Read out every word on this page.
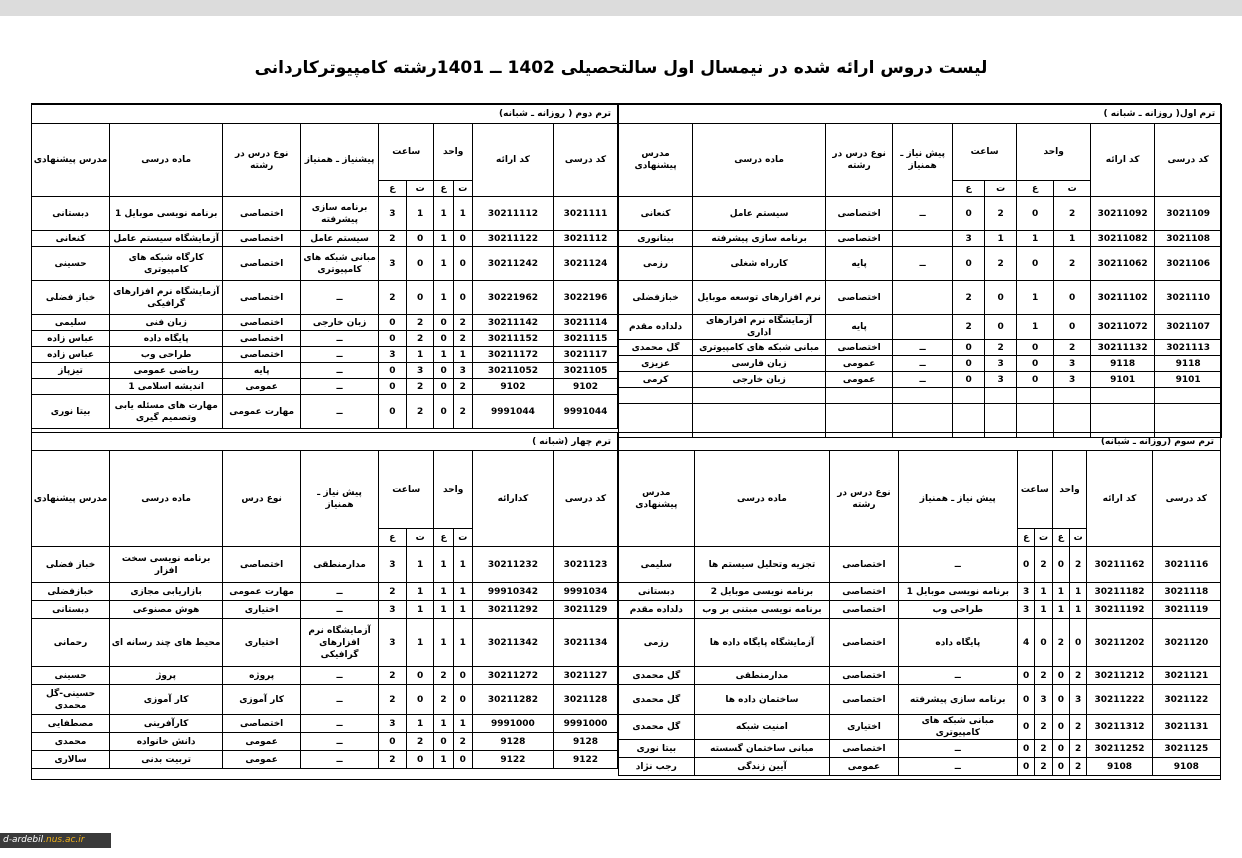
لیست دروس ارائه شده در نیمسال اول سالتحصیلی 1402 ــ 1401رشته کامپیوترکاردانی
ترم اول( روزانه ـ شبانه )									
کد درسی	کد ارائه	واحد		ساعت		پیش نیاز ـ همنیاز	نوع درس در رشته	ماده درسی	مدرس پیشنهادی
		ت	ع	ت	ع				
3021109	30211092	2	0	2	0	ــ	اختصاصی	سیستم عامل	کنعانی
3021108	30211082	1	1	1	3		اختصاصی	برنامه سازی پیشرفته	بیتانوری
3021106	30211062	2	0	2	0	ــ	پایه	کارراه شغلی	رزمی
3021110	30211102	0	1	0	2		اختصاصی	نرم افزارهای توسعه موبایل	خبازفضلی
3021107	30211072	0	1	0	2		پایه	آزمایشگاه نرم افزارهای اداری	دلداده مقدم
3021113	30211132	2	0	2	0	ــ	اختصاصی	مبانی شبکه های کامپیوتری	گل محمدی
9118	9118	3	0	3	0	ــ	عمومی	زبان فارسی	عزیزی
9101	9101	3	0	3	0	ــ	عمومی	زبان خارجی	کرمی

ترم دوم ( روزانه ـ شبانه)									
کد درسی	کد ارائه	واحد		ساعت		پیشنیاز ـ همنیاز	نوع درس در رشته	ماده درسی	مدرس پیشنهادی
		ت	ع	ت	ع				
3021111	30211112	1	1	1	3	برنامه سازی پیشرفته	اختصاصی	برنامه نویسی موبایل 1	دبستانی
3021112	30211122	0	1	0	2	سیستم عامل	اختصاصی	آزمایشگاه سیستم عامل	کنعانی
3021124	30211242	0	1	0	3	مبانی شبکه های کامپیوتری	اختصاصی	کارگاه شبکه های کامپیوتری	حسینی
3022196	30221962	0	1	0	2	ــ	اختصاصی	آزمایشگاه نرم افزارهای گرافیکی	خباز فضلی
3021114	30211142	2	0	2	0	زبان خارجی	اختصاصی	زبان فنی	سلیمی
3021115	30211152	2	0	2	0	ــ	اختصاصی	پایگاه داده	عباس زاده
3021117	30211172	1	1	1	3	ــ	اختصاصی	طراحی وب	عباس زاده
3021105	30211052	3	0	3	0	ــ	پایه	ریاضی عمومی	تیزپاز
9102	9102	2	0	2	0	ــ	عمومی	اندیشه اسلامی 1	
9991044	9991044	2	0	2	0	ــ	مهارت عمومی	مهارت های مسئله یابی وتصمیم گیری	بیتا نوری
ترم سوم (روزانه ـ شبانه)									
کد درسی	کد ارائه	واحد		ساعت		پیش نیاز ـ همنیاز	نوع درس در رشته	ماده درسی	مدرس پیشنهادی
		ت	ع	ت	ع				
3021116	30211162	2	0	2	0	ــ	اختصاصی	تجزیه وتحلیل سیستم ها	سلیمی
3021118	30211182	1	1	1	3	برنامه نویسی موبایل 1	اختصاصی	برنامه نویسی موبایل 2	دبستانی
3021119	30211192	1	1	1	3	طراحی وب	اختصاصی	برنامه نویسی مبتنی بر وب	دلداده مقدم
3021120	30211202	0	2	0	4	پایگاه داده	اختصاصی	آزمایشگاه پایگاه داده ها	رزمی
3021121	30211212	2	0	2	0	ــ	اختصاصی	مدارمنطقی	گل محمدی
3021122	30211222	3	0	3	0	برنامه سازی پیشرفته	اختصاصی	ساختمان داده ها	گل محمدی
3021131	30211312	2	0	2	0	مبانی شبکه های کامپیوتری	اختیاری	امنیت شبکه	گل محمدی
3021125	30211252	2	0	2	0	ــ	اختصاصی	مبانی ساختمان گسسته	بیتا نوری
9108	9108	2	0	2	0	ــ	عمومی	آیین زندگی	رجب نژاد
ترم چهار (شبانه )									
کد درسی	کدارائه	واحد		ساعت		پیش نیاز ـ همنیاز	نوع درس	ماده درسی	مدرس پیشنهادی
		ت	ع	ت	ع				
3021123	30211232	1	1	1	3	مدارمنطقی	اختصاصی	برنامه نویسی سخت افزار	خباز فضلی
9991034	99910342	1	1	1	2	ــ	مهارت عمومی	بازاریابی مجازی	خبازفضلی
3021129	30211292	1	1	1	3	ــ	اختیاری	هوش مصنوعی	دبستانی
3021134	30211342	1	1	1	3	آزمایشگاه نرم افزارهای گرافیکی	اختیاری	محیط های چند رسانه ای	رحمانی
3021127	30211272	0	2	0	2	ــ	پروژه	پروژ	حسینی
3021128	30211282	0	2	0	2	ــ	کار آموزی	کار آموزی	حسینی-گل محمدی
9991000	9991000	1	1	1	3	ــ	اختصاصی	کارآفرینی	مصطفایی
9128	9128	2	0	2	0	ــ	عمومی	دانش خانواده	محمدی
9122	9122	0	1	0	2	ــ	عمومی	تربیت بدنی	سالاری
d-ardebil.nus.ac.ir
